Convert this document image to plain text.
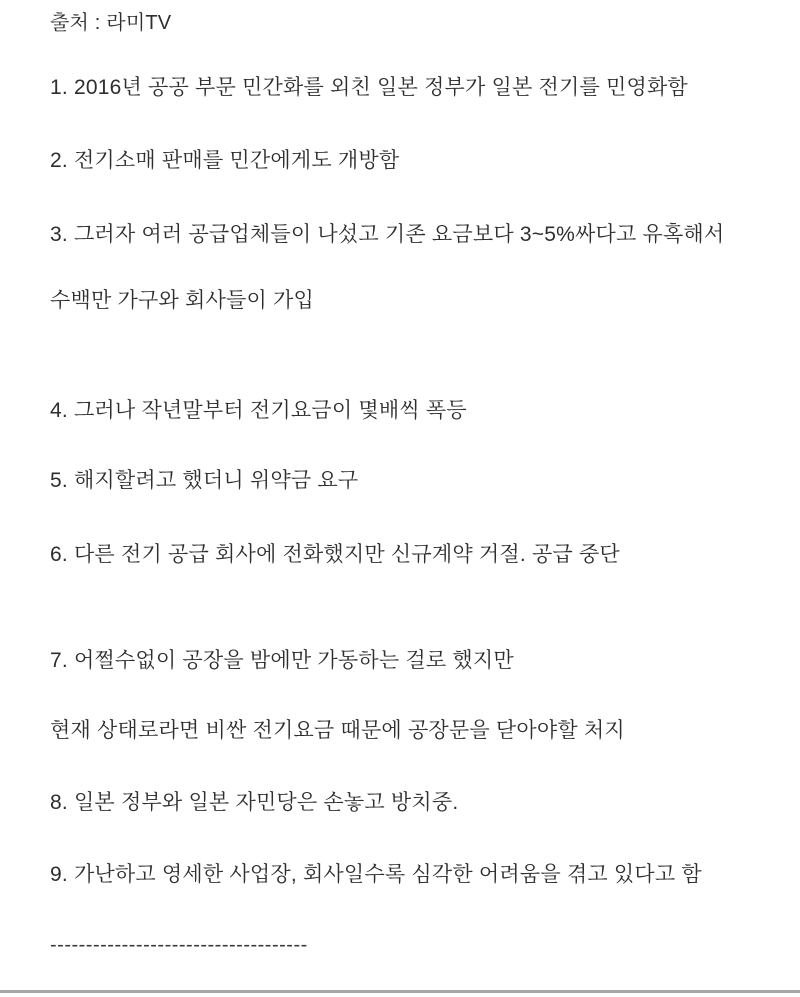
출처 : 라미TV

1. 2016년 공공 부문 민간화를 외친 일본 정부가 일본 전기를 민영화함

2. 전기소매 판매를 민간에게도 개방함

3. 그러자 여러 공급업체들이 나섰고 기존 요금보다 3~5%싸다고 유혹해서

수백만 가구와 회사들이 가입

4. 그러나 작년말부터 전기요금이 몇배씩 폭등

5. 해지할려고 했더니 위약금 요구

6. 다른 전기 공급 회사에 전화했지만 신규계약 거절. 공급 중단

7. 어쩔수없이 공장을 밤에만 가동하는 걸로 했지만

현재 상태로라면 비싼 전기요금 때문에 공장문을 닫아야할 처지

8. 일본 정부와 일본 자민당은 손놓고 방치중.

9. 가난하고 영세한 사업장, 회사일수록 심각한 어려움을 겪고 있다고 함

------------------------------------
